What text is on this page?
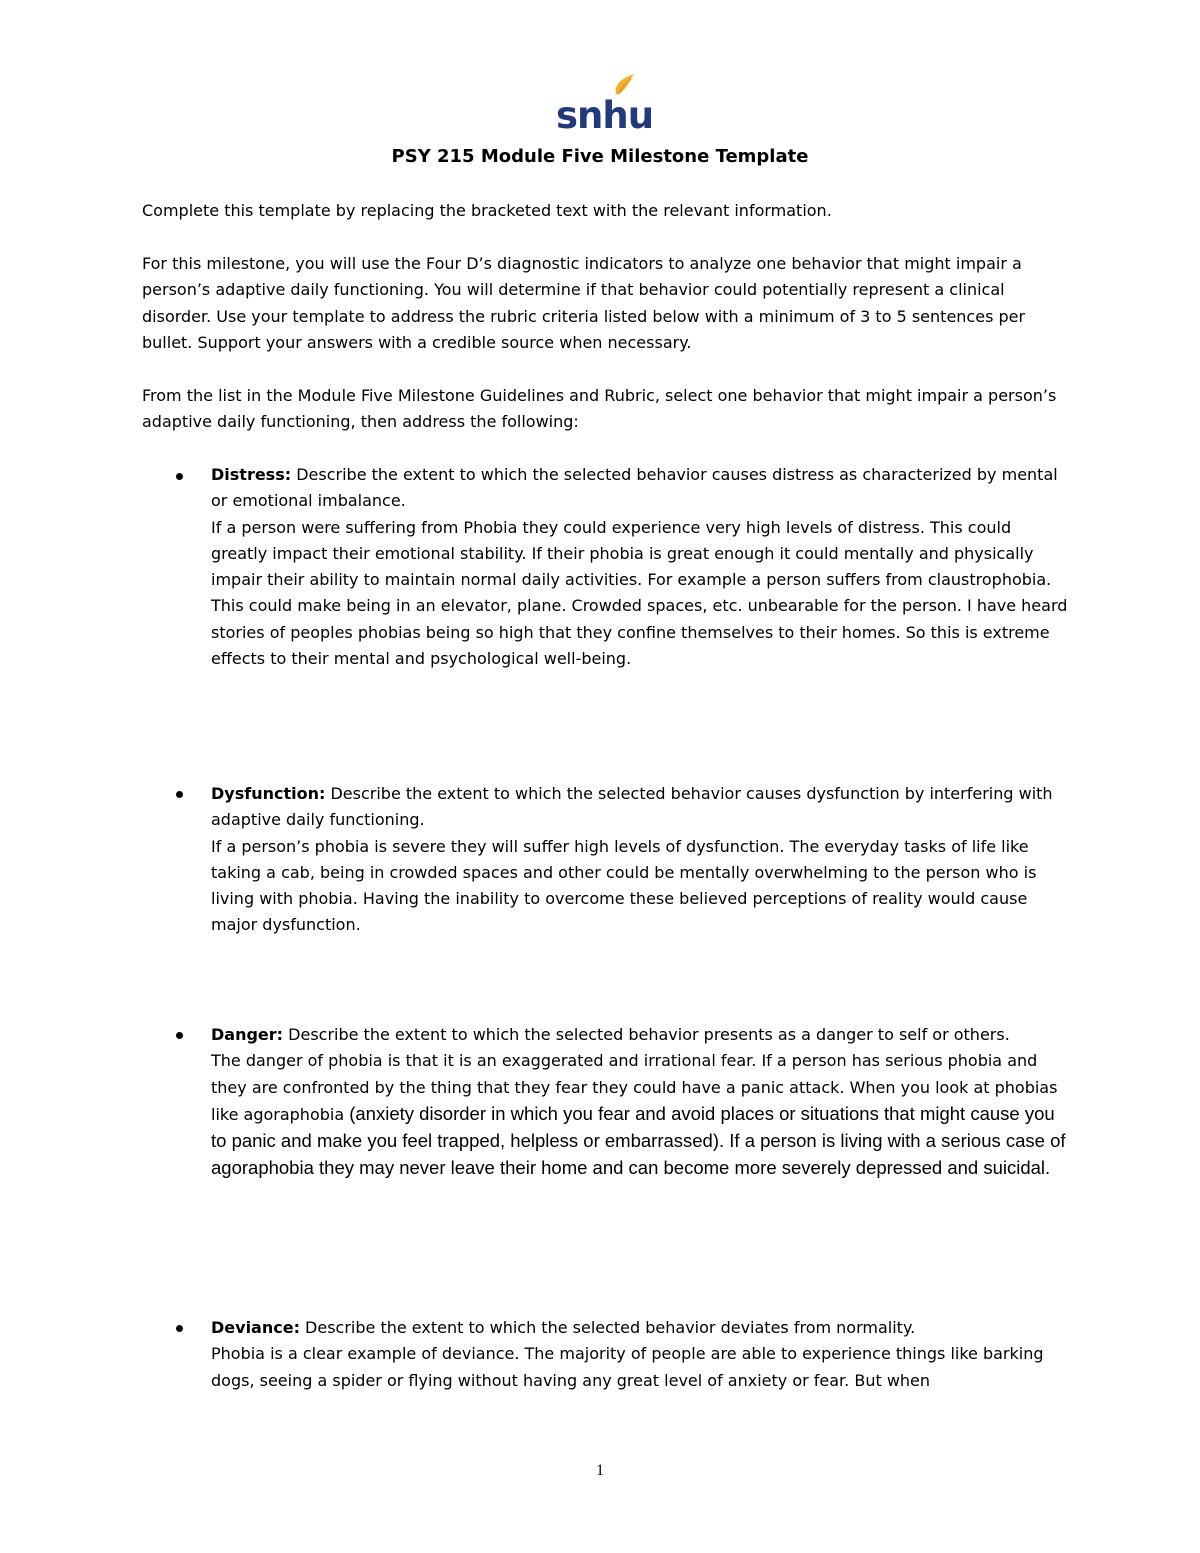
snhu
PSY 215 Module Five Milestone Template
Complete this template by replacing the bracketed text with the relevant information.
For this milestone, you will use the Four D’s diagnostic indicators to analyze one behavior that might impair a person’s adaptive daily functioning. You will determine if that behavior could potentially represent a clinical disorder. Use your template to address the rubric criteria listed below with a minimum of 3 to 5 sentences per bullet. Support your answers with a credible source when necessary.
From the list in the Module Five Milestone Guidelines and Rubric, select one behavior that might impair a person’s adaptive daily functioning, then address the following:
Distress: Describe the extent to which the selected behavior causes distress as characterized by mental or emotional imbalance.
If a person were suffering from Phobia they could experience very high levels of distress. This could greatly impact their emotional stability. If their phobia is great enough it could mentally and physically impair their ability to maintain normal daily activities. For example a person suffers from claustrophobia. This could make being in an elevator, plane. Crowded spaces, etc. unbearable for the person. I have heard stories of peoples phobias being so high that they confine themselves to their homes. So this is extreme effects to their mental and psychological well-being.
Dysfunction: Describe the extent to which the selected behavior causes dysfunction by interfering with adaptive daily functioning.
If a person’s phobia is severe they will suffer high levels of dysfunction. The everyday tasks of life like taking a cab, being in crowded spaces and other could be mentally overwhelming to the person who is living with phobia. Having the inability to overcome these believed perceptions of reality would cause major dysfunction.
Danger: Describe the extent to which the selected behavior presents as a danger to self or others.
The danger of phobia is that it is an exaggerated and irrational fear. If a person has serious phobia and they are confronted by the thing that they fear they could have a panic attack. When you look at phobias like agoraphobia (anxiety disorder in which you fear and avoid places or situations that might cause you to panic and make you feel trapped, helpless or embarrassed). If a person is living with a serious case of agoraphobia they may never leave their home and can become more severely depressed and suicidal.
Deviance: Describe the extent to which the selected behavior deviates from normality.
Phobia is a clear example of deviance. The majority of people are able to experience things like barking dogs, seeing a spider or flying without having any great level of anxiety or fear. But when
1
